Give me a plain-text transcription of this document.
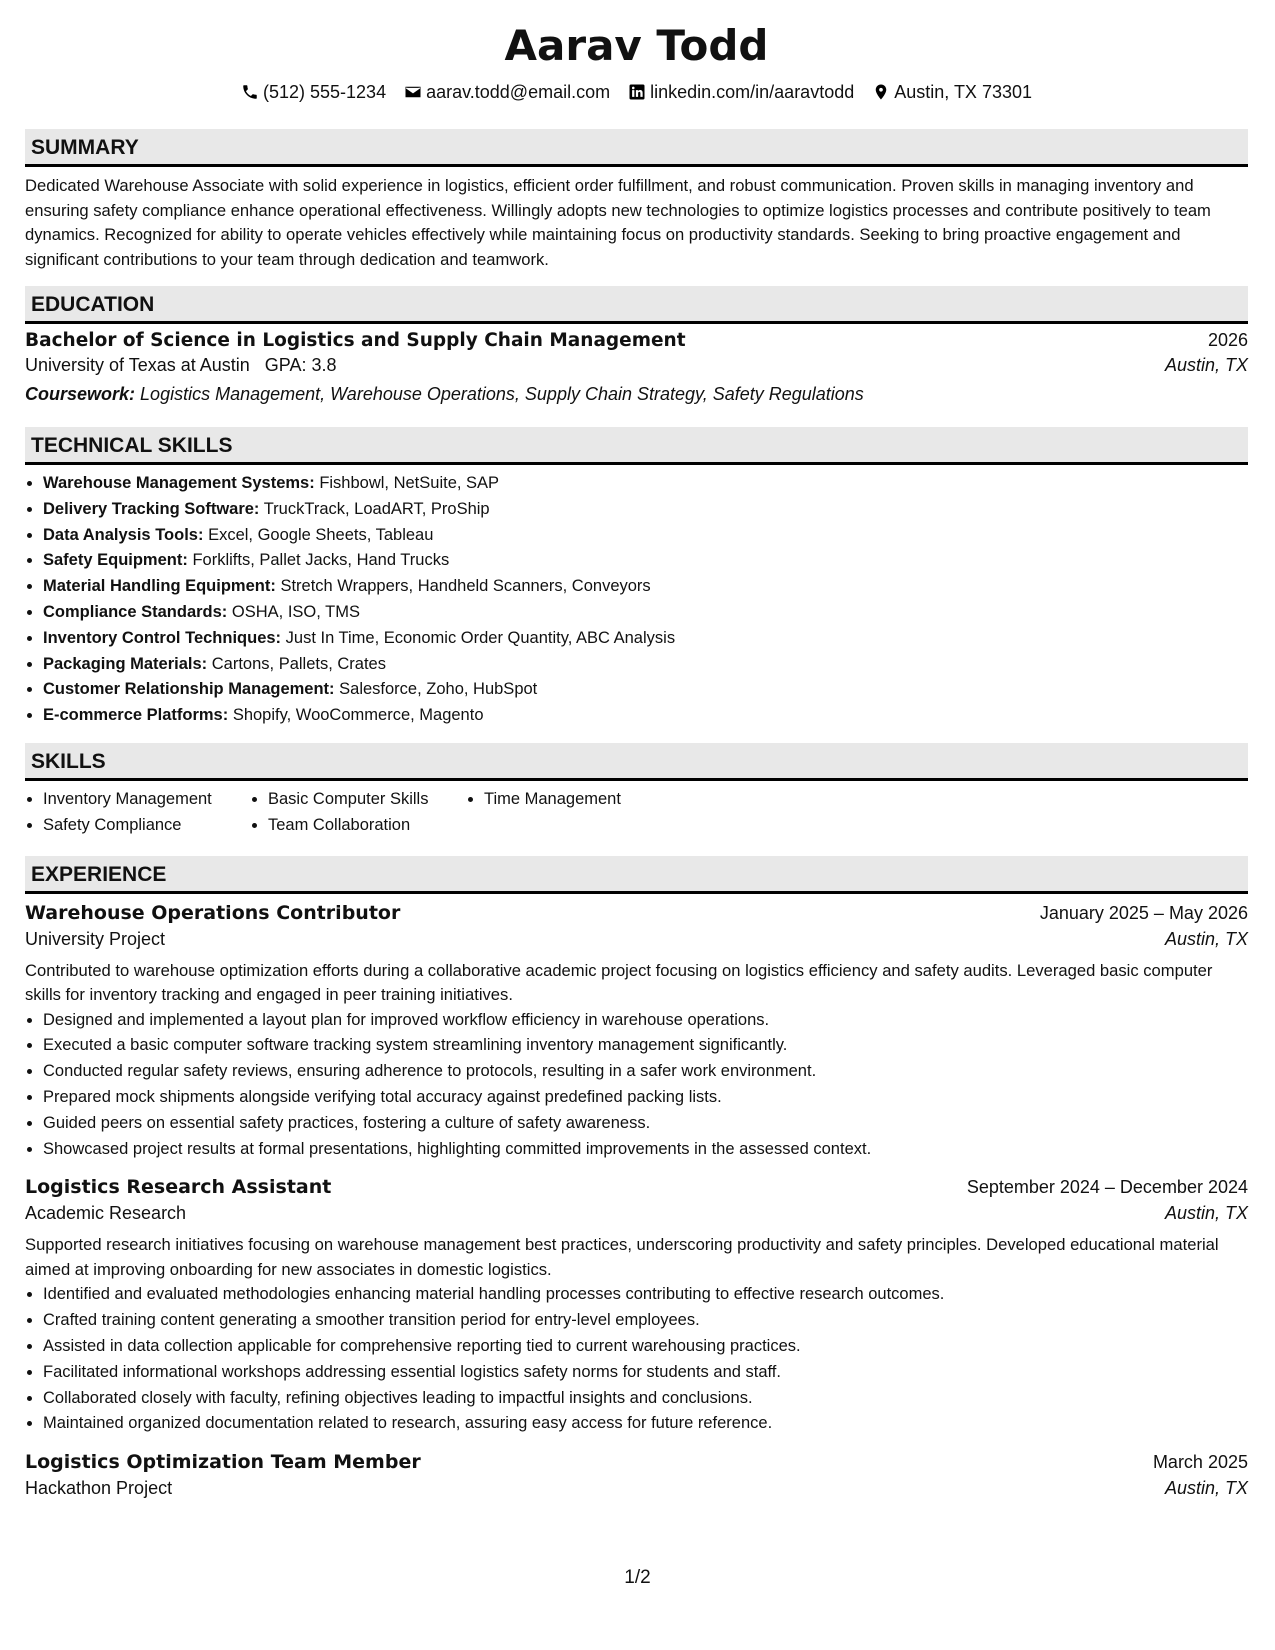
Aarav Todd
(512) 555-1234 aarav.todd@email.com linkedin.com/in/aaravtodd Austin, TX 73301
SUMMARY

Dedicated Warehouse Associate with solid experience in logistics, efficient order fulfillment, and robust communication. Proven skills in managing inventory and ensuring safety compliance enhance operational effectiveness. Willingly adopts new technologies to optimize logistics processes and contribute positively to team dynamics. Recognized for ability to operate vehicles effectively while maintaining focus on productivity standards. Seeking to bring proactive engagement and significant contributions to your team through dedication and teamwork.

EDUCATION
Bachelor of Science in Logistics and Supply Chain Management	2026
University of Texas at Austin GPA: 3.8	Austin, TX
Coursework: Logistics Management, Warehouse Operations, Supply Chain Strategy, Safety Regulations
TECHNICAL SKILLS
• Warehouse Management Systems: Fishbowl, NetSuite, SAP
• Delivery Tracking Software: TruckTrack, LoadART, ProShip
• Data Analysis Tools: Excel, Google Sheets, Tableau
• Safety Equipment: Forklifts, Pallet Jacks, Hand Trucks
• Material Handling Equipment: Stretch Wrappers, Handheld Scanners, Conveyors
• Compliance Standards: OSHA, ISO, TMS
• Inventory Control Techniques: Just In Time, Economic Order Quantity, ABC Analysis
• Packaging Materials: Cartons, Pallets, Crates
• Customer Relationship Management: Salesforce, Zoho, HubSpot
• E-commerce Platforms: Shopify, WooCommerce, Magento
SKILLS
• Inventory Management	• Basic Computer Skills	• Time Management
• Safety Compliance	• Team Collaboration
EXPERIENCE
Warehouse Operations Contributor	January 2025 – May 2026
University Project	Austin, TX

Contributed to warehouse optimization efforts during a collaborative academic project focusing on logistics efficiency and safety audits. Leveraged basic computer skills for inventory tracking and engaged in peer training initiatives.

• Designed and implemented a layout plan for improved workflow efficiency in warehouse operations.
• Executed a basic computer software tracking system streamlining inventory management significantly.
• Conducted regular safety reviews, ensuring adherence to protocols, resulting in a safer work environment.
• Prepared mock shipments alongside verifying total accuracy against predefined packing lists.
• Guided peers on essential safety practices, fostering a culture of safety awareness.
• Showcased project results at formal presentations, highlighting committed improvements in the assessed context.
Logistics Research Assistant	September 2024 – December 2024
Academic Research	Austin, TX

Supported research initiatives focusing on warehouse management best practices, underscoring productivity and safety principles. Developed educational material aimed at improving onboarding for new associates in domestic logistics.

• Identified and evaluated methodologies enhancing material handling processes contributing to effective research outcomes.
• Crafted training content generating a smoother transition period for entry-level employees.
• Assisted in data collection applicable for comprehensive reporting tied to current warehousing practices.
• Facilitated informational workshops addressing essential logistics safety norms for students and staff.
• Collaborated closely with faculty, refining objectives leading to impactful insights and conclusions.
• Maintained organized documentation related to research, assuring easy access for future reference.
Logistics Optimization Team Member	March 2025
Hackathon Project	Austin, TX
1/2
